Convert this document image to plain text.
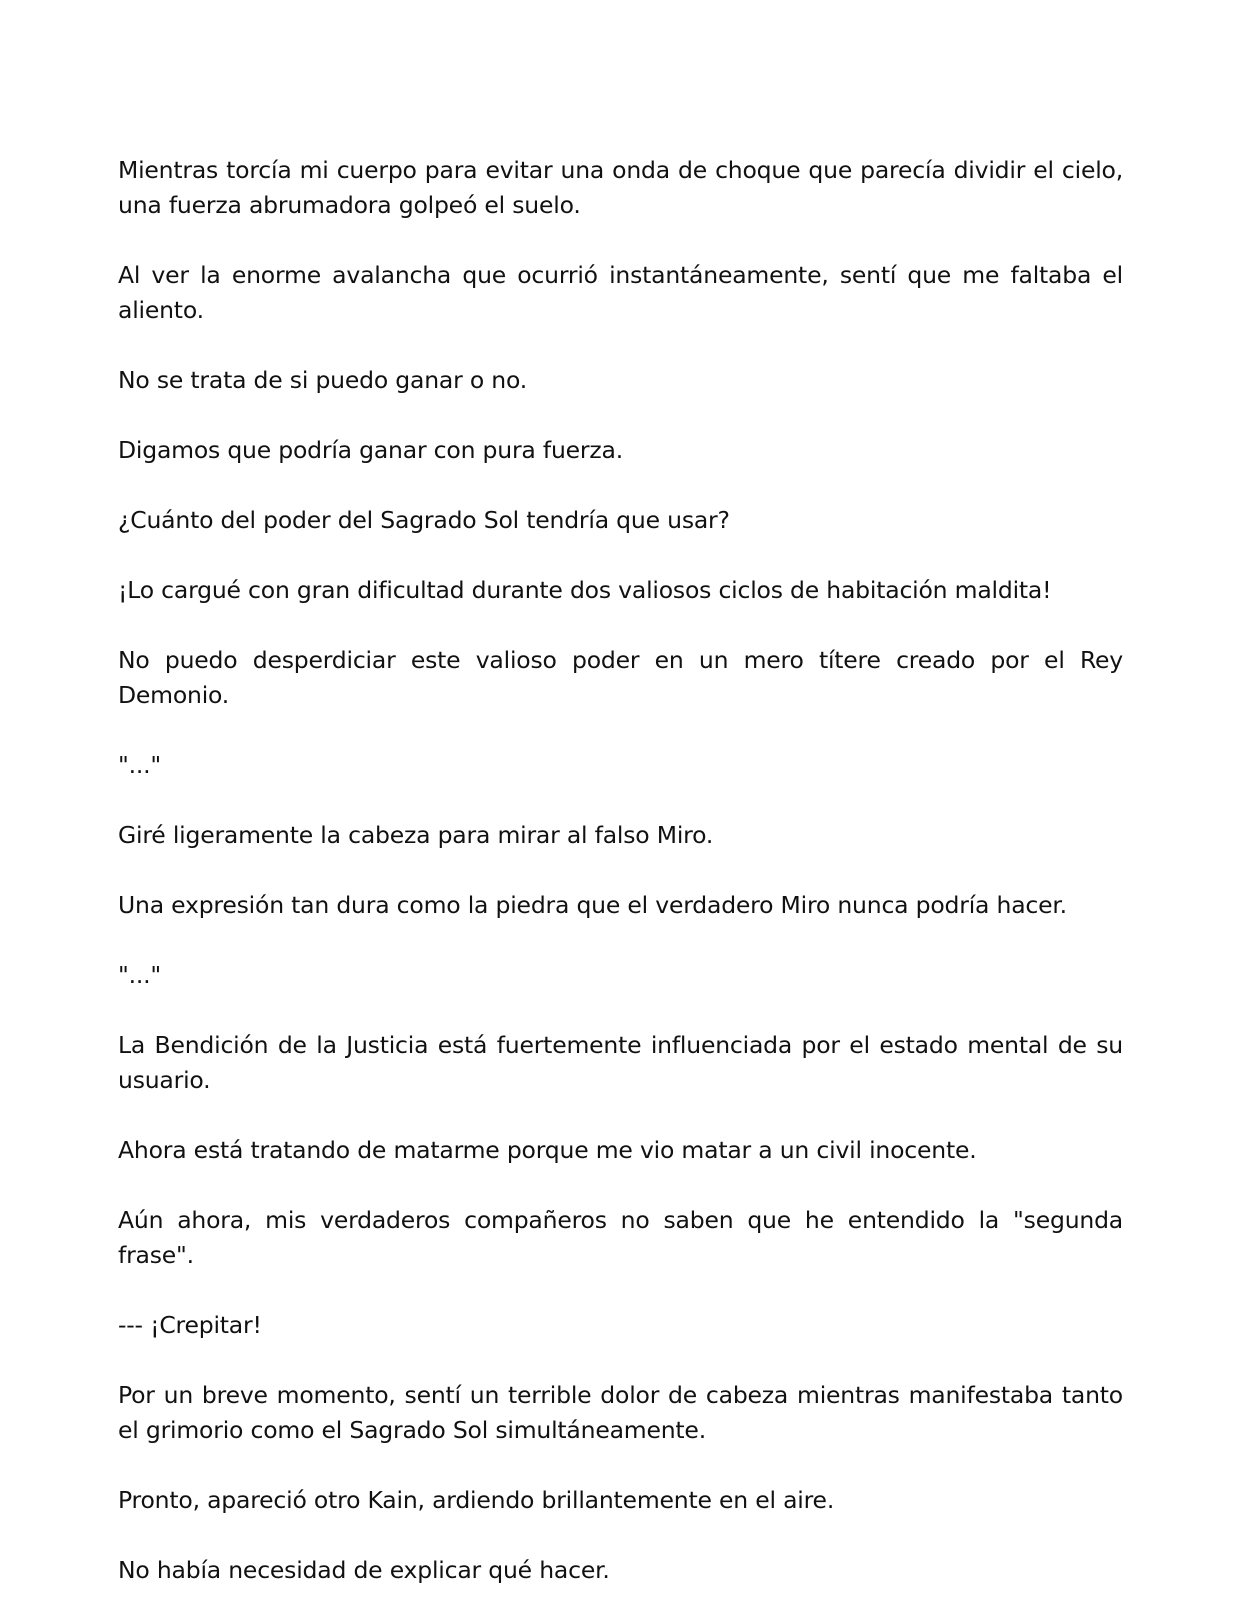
Mientras torcía mi cuerpo para evitar una onda de choque que parecía dividir el cielo, una fuerza abrumadora golpeó el suelo.

Al ver la enorme avalancha que ocurrió instantáneamente, sentí que me faltaba el aliento.

No se trata de si puedo ganar o no.

Digamos que podría ganar con pura fuerza.

¿Cuánto del poder del Sagrado Sol tendría que usar?

¡Lo cargué con gran dificultad durante dos valiosos ciclos de habitación maldita!

No puedo desperdiciar este valioso poder en un mero títere creado por el Rey Demonio.

"..."

Giré ligeramente la cabeza para mirar al falso Miro.

Una expresión tan dura como la piedra que el verdadero Miro nunca podría hacer.

"..."

La Bendición de la Justicia está fuertemente influenciada por el estado mental de su usuario.

Ahora está tratando de matarme porque me vio matar a un civil inocente.

Aún ahora, mis verdaderos compañeros no saben que he entendido la "segunda frase".

--- ¡Crepitar!

Por un breve momento, sentí un terrible dolor de cabeza mientras manifestaba tanto el grimorio como el Sagrado Sol simultáneamente.

Pronto, apareció otro Kain, ardiendo brillantemente en el aire.

No había necesidad de explicar qué hacer.
